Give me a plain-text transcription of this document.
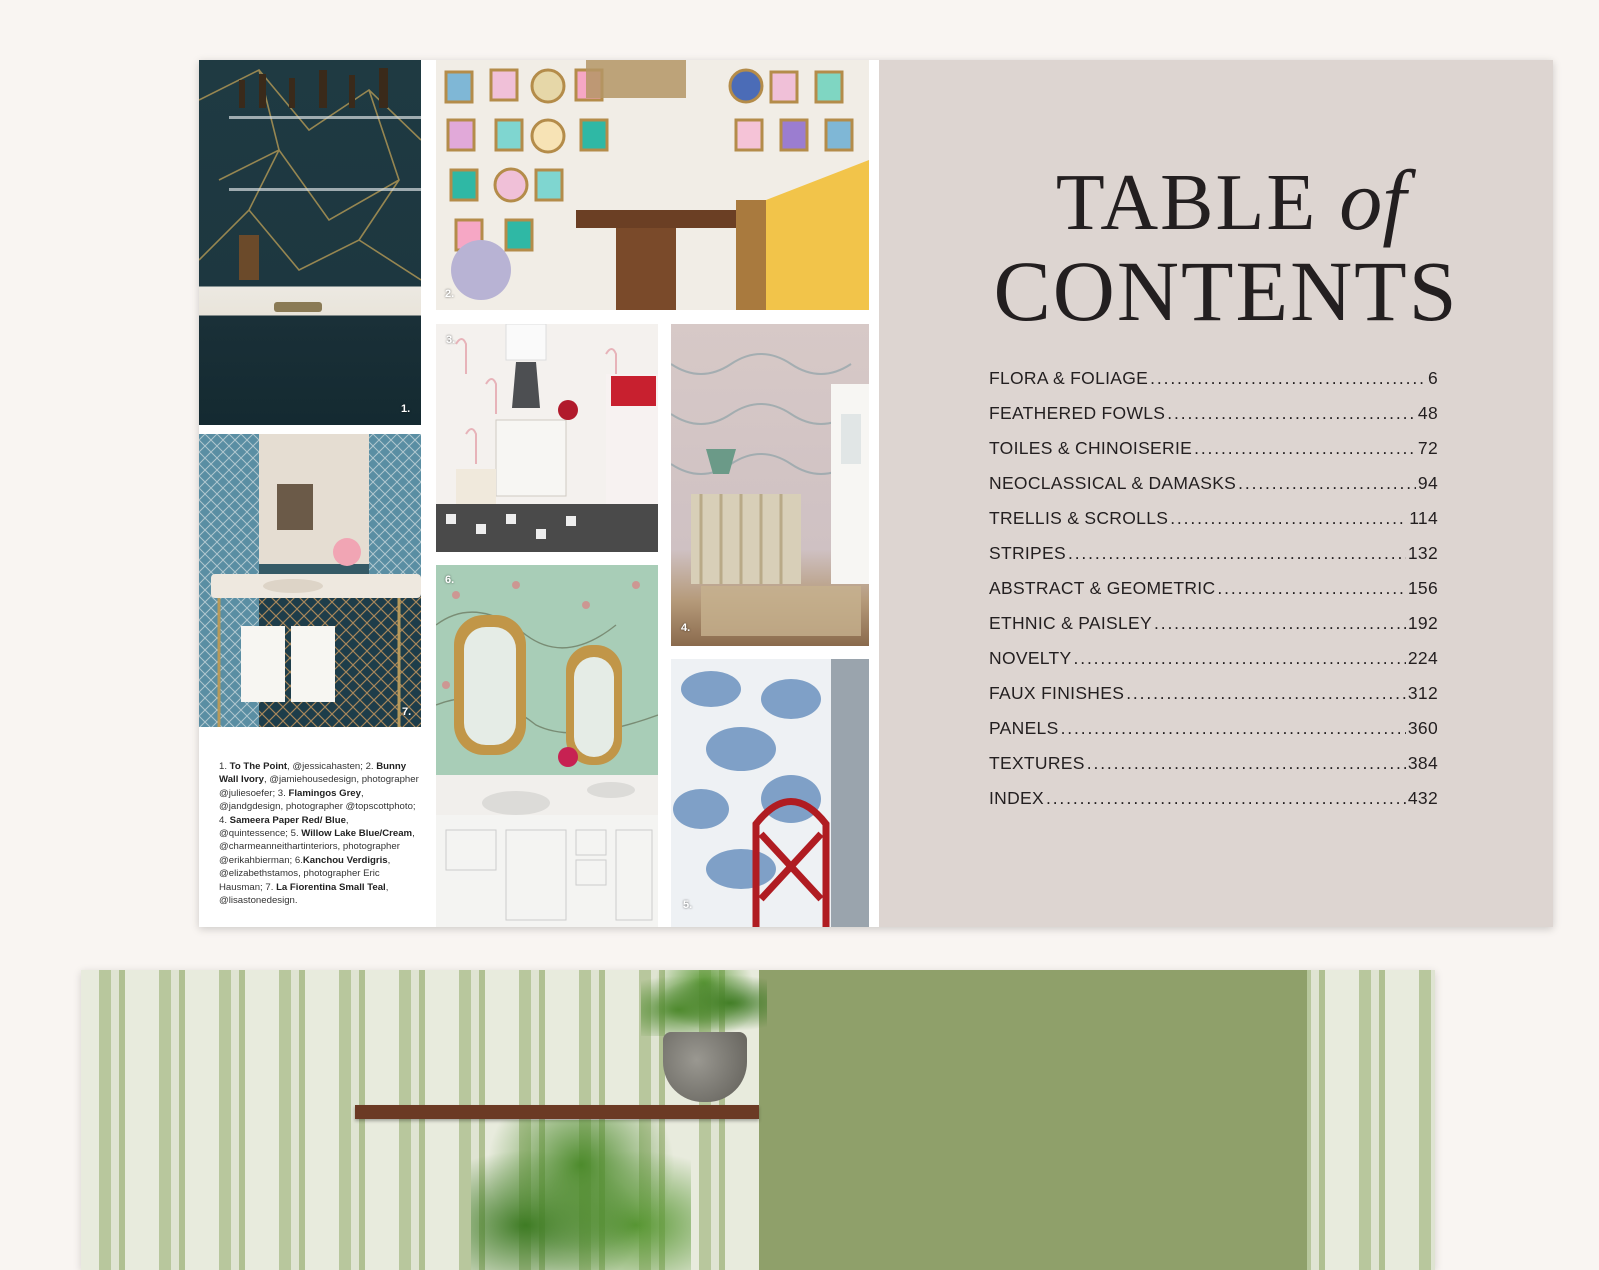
1.
2.
3.
4.
5.
6.
7.
1. To The Point, @jessicahasten; 2. Bunny Wall Ivory, @jamiehousedesign, photographer @juliesoefer; 3. Flamingos Grey, @jandgdesign, photographer @topscottphoto; 4. Sameera Paper Red/ Blue, @quintessence; 5. Willow Lake Blue/Cream, @charmeanneithartinteriors, photographer @erikahbierman; 6.Kanchou Verdigris, @elizabethstamos, photographer Eric Hausman; 7. La Fiorentina Small Teal, @lisastonedesign.
TABLE of
CONTENTS
FLORA & FOLIAGE . . .	6
FEATHERED FOWLS . . .	48
TOILES & CHINOISERIE . . .	72
NEOCLASSICAL & DAMASKS . . .	94
TRELLIS & SCROLLS . . .	114
STRIPES . . .	132
ABSTRACT & GEOMETRIC . . .	156
ETHNIC & PAISLEY . . .	192
NOVELTY . . .	224
FAUX FINISHES . . .	312
PANELS . . .	360
TEXTURES . . .	384
INDEX . . .	432
